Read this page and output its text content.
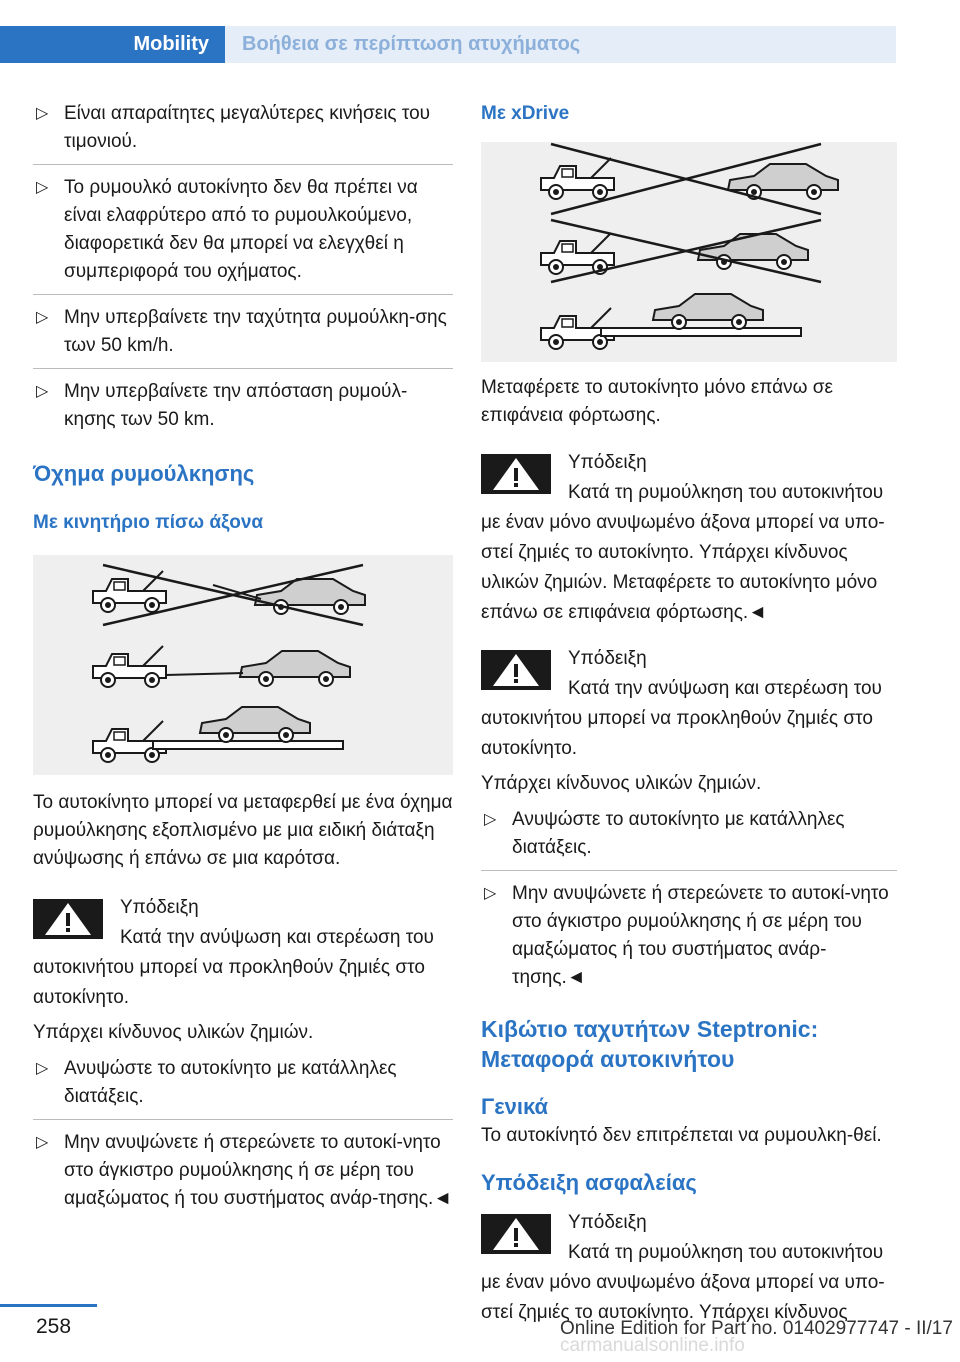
Mobility	Βοήθεια σε περίπτωση ατυχήματος
▷ Είναι απαραίτητες μεγαλύτερες κινήσεις του τιμονιού.
▷ Το ρυμουλκό αυτοκίνητο δεν θα πρέπει να είναι ελαφρύτερο από το ρυμουλκούμενο, διαφορετικά δεν θα μπορεί να ελεγχθεί η συμπεριφορά του οχήματος.
▷ Μην υπερβαίνετε την ταχύτητα ρυμούλκη‐σης των 50 km/h.
▷ Μην υπερβαίνετε την απόσταση ρυμούλ‐κησης των 50 km.
Όχημα ρυμούλκησης
Με κινητήριο πίσω άξονα

Το αυτοκίνητο μπορεί να μεταφερθεί με ένα όχημα ρυμούλκησης εξοπλισμένο με μια ειδική διάταξη ανύψωσης ή επάνω σε μια καρότσα.

Υπόδειξη
Κατά την ανύψωση και στερέωση του αυτοκινήτου μπορεί να προκληθούν ζημιές στο αυτοκίνητο.

Υπάρχει κίνδυνος υλικών ζημιών.

▷ Ανυψώστε το αυτοκίνητο με κατάλληλες διατάξεις.
▷ Μην ανυψώνετε ή στερεώνετε το αυτοκί‐νητο στο άγκιστρο ρυμούλκησης ή σε μέρη του αμαξώματος ή του συστήματος ανάρ‐τησης.◄
Με xDrive

Μεταφέρετε το αυτοκίνητο μόνο επάνω σε επιφάνεια φόρτωσης.

Υπόδειξη
Κατά τη ρυμούλκηση του αυτοκινήτου με έναν μόνο ανυψωμένο άξονα μπορεί να υπο‐στεί ζημιές το αυτοκίνητο. Υπάρχει κίνδυνος υλικών ζημιών. Μεταφέρετε το αυτοκίνητο μόνο επάνω σε επιφάνεια φόρτωσης.◄
Υπόδειξη
Κατά την ανύψωση και στερέωση του αυτοκινήτου μπορεί να προκληθούν ζημιές στο αυτοκίνητο.

Υπάρχει κίνδυνος υλικών ζημιών.

▷ Ανυψώστε το αυτοκίνητο με κατάλληλες διατάξεις.
▷ Μην ανυψώνετε ή στερεώνετε το αυτοκί‐νητο στο άγκιστρο ρυμούλκησης ή σε μέρη του αμαξώματος ή του συστήματος ανάρ‐τησης.◄
Κιβώτιο ταχυτήτων Steptronic: Μεταφορά αυτοκινήτου
Γενικά

Το αυτοκίνητό δεν επιτρέπεται να ρυμουλκη‐θεί.

Υπόδειξη ασφαλείας
Υπόδειξη
Κατά τη ρυμούλκηση του αυτοκινήτου με έναν μόνο ανυψωμένο άξονα μπορεί να υπο‐στεί ζημιές το αυτοκίνητο. Υπάρχει κίνδυνος
258	Online Edition for Part no. 01402977747 - II/17
carmanualsonline.info
